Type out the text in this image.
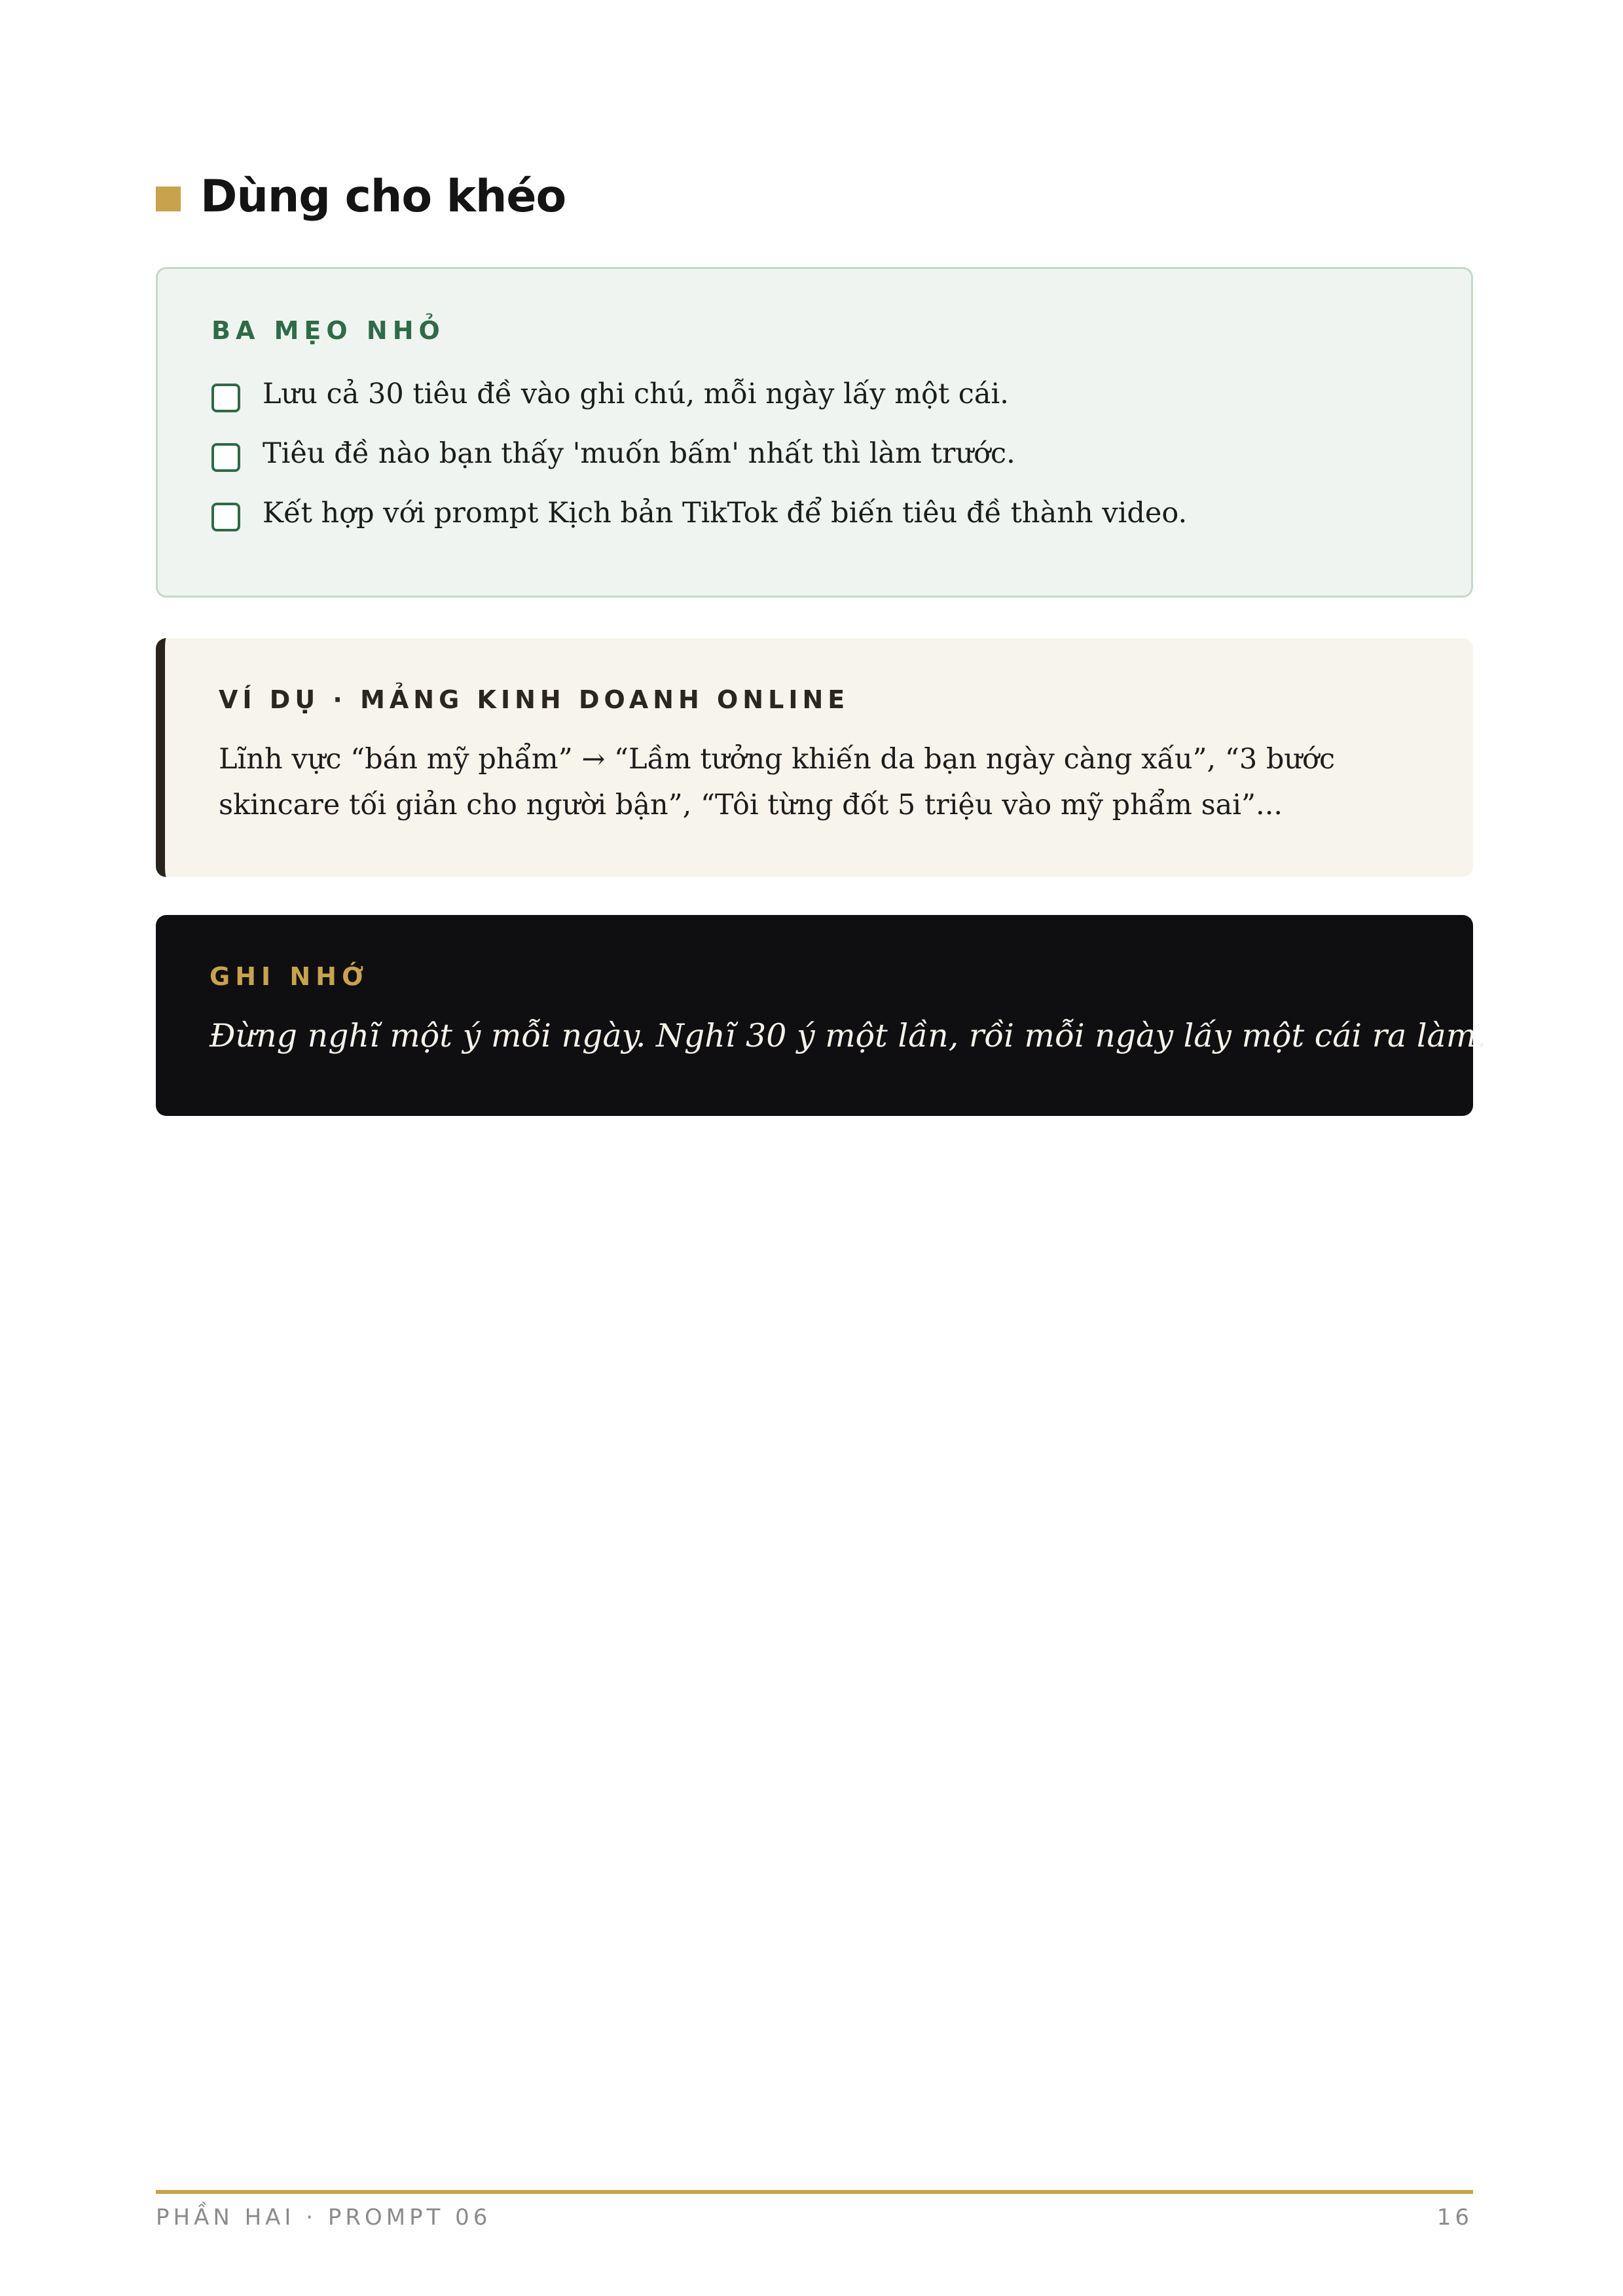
Dùng cho khéo
BA MẸO NHỎ
Lưu cả 30 tiêu đề vào ghi chú, mỗi ngày lấy một cái.
Tiêu đề nào bạn thấy 'muốn bấm' nhất thì làm trước.
Kết hợp với prompt Kịch bản TikTok để biến tiêu đề thành video.
VÍ DỤ · MẢNG KINH DOANH ONLINE

Lĩnh vực “bán mỹ phẩm” → “Lầm tưởng khiến da bạn ngày càng xấu”, “3 bước skincare tối giản cho người bận”, “Tôi từng đốt 5 triệu vào mỹ phẩm sai”...

GHI NHỚ

Đừng nghĩ một ý mỗi ngày. Nghĩ 30 ý một lần, rồi mỗi ngày lấy một cái ra làm.

PHẦN HAI · PROMPT 06	16
